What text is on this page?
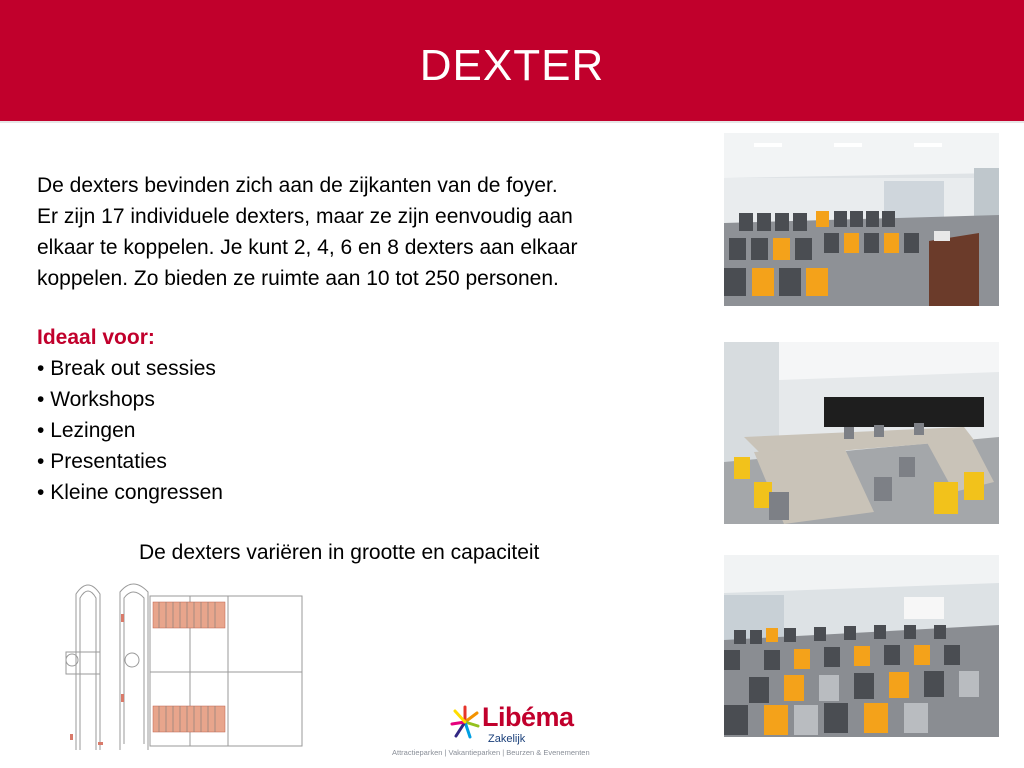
DEXTER

De dexters bevinden zich aan de zijkanten van de foyer.

Er zijn 17 individuele dexters, maar ze zijn eenvoudig aan

elkaar te koppelen. Je kunt 2, 4, 6 en 8 dexters aan elkaar

koppelen. Zo bieden ze ruimte aan 10 tot 250 personen.

Ideaal voor:
• Break out sessies
• Workshops
• Lezingen
• Presentaties
• Kleine congressen
De dexters variëren in grootte en capaciteit
Libéma
Zakelijk
Attractieparken | Vakantieparken | Beurzen & Evenementen
